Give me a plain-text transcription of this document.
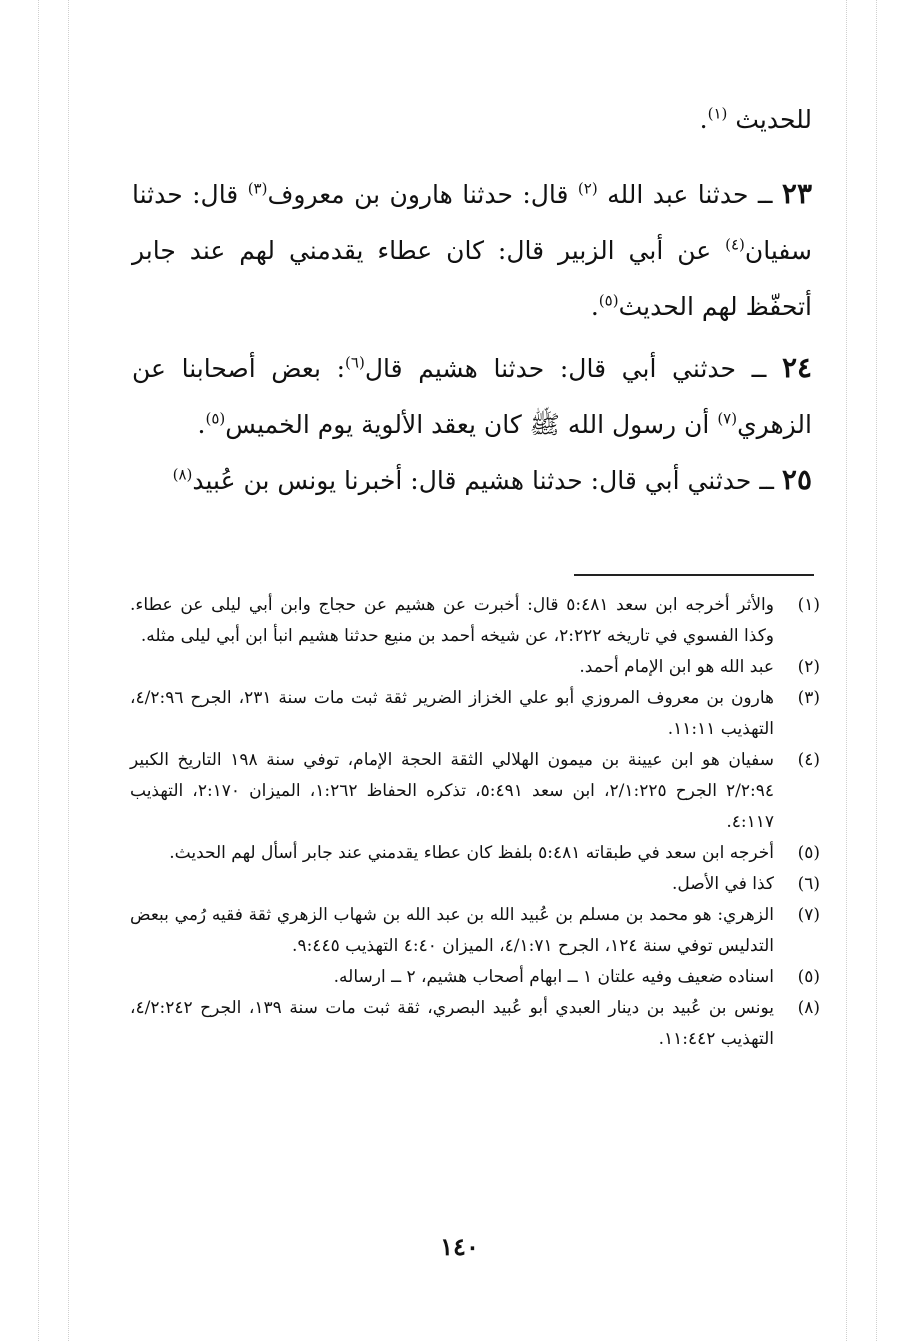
للحديث $^{(١)}$.
٢٣ ــ حدثنا عبد الله $^{(٢)}$ قال: حدثنا هارون بن معروف$^{(٣)}$ قال: حدثنا سفيان$^{(٤)}$ عن أبي الزبير قال: كان عطاء يقدمني لهم عند جابر أتحفّظ لهم الحديث$^{(٥)}$.
٢٤ ــ حدثني أبي قال: حدثنا هشيم قال$^{(٦)}$: بعض أصحابنا عن الزهري$^{(٧)}$ أن رسول الله ﷺ كان يعقد الألوية يوم الخميس$^{(٥)}$.
٢٥ ــ حدثني أبي قال: حدثنا هشيم قال: أخبرنا يونس بن عُبيد$^{(٨)}$
(١)
والأثر أخرجه ابن سعد ٥:٤٨١ قال: أخبرت عن هشيم عن حجاج وابن أبي ليلى عن عطاء. وكذا الفسوي في تاريخه ٢:٢٢٢، عن شيخه أحمد بن منيع حدثنا هشيم انبأ ابن أبي ليلى مثله.
(٢)
عبد الله هو ابن الإمام أحمد.
(٣)
هارون بن معروف المروزي أبو علي الخزاز الضرير ثقة ثبت مات سنة ٢٣١، الجرح ٤/٢:٩٦، التهذيب ١١:١١.
(٤)
سفيان هو ابن عيينة بن ميمون الهلالي الثقة الحجة الإمام، توفي سنة ١٩٨ التاريخ الكبير ٢/٢:٩٤ الجرح ٢/١:٢٢٥، ابن سعد ٥:٤٩١، تذكره الحفاظ ١:٢٦٢، الميزان ٢:١٧٠، التهذيب ٤:١١٧.
(٥)
أخرجه ابن سعد في طبقاته ٥:٤٨١ بلفظ كان عطاء يقدمني عند جابر أسأل لهم الحديث.
(٦)
كذا في الأصل.
(٧)
الزهري: هو محمد بن مسلم بن عُبيد الله بن عبد الله بن شهاب الزهري ثقة فقيه رُمي ببعض التدليس توفي سنة ١٢٤، الجرح ٤/١:٧١، الميزان ٤:٤٠ التهذيب ٩:٤٤٥.
(٥)
اسناده ضعيف وفيه علتان ١ ــ ابهام أصحاب هشيم، ٢ ــ ارساله.
(٨)
يونس بن عُبيد بن دينار العبدي أبو عُبيد البصري، ثقة ثبت مات سنة ١٣٩، الجرح ٤/٢:٢٤٢، التهذيب ١١:٤٤٢.
١٤٠
